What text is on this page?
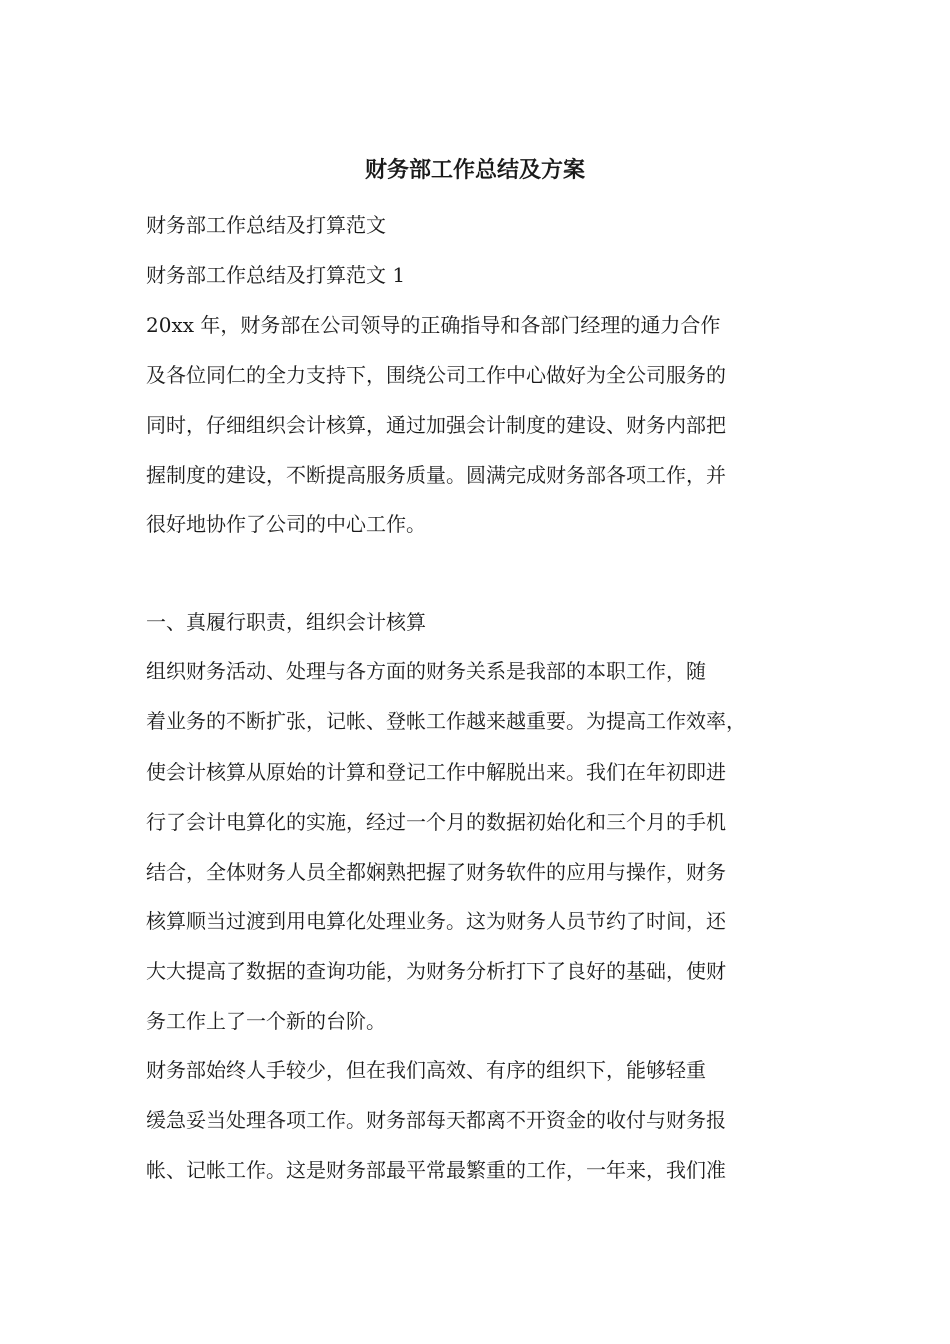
财务部工作总结及方案

财务部工作总结及打算范文

财务部工作总结及打算范文 1

20xx 年，财务部在公司领导的正确指导和各部门经理的通力合作

及各位同仁的全力支持下，围绕公司工作中心做好为全公司服务的

同时，仔细组织会计核算，通过加强会计制度的建设、财务内部把

握制度的建设，不断提高服务质量。圆满完成财务部各项工作，并

很好地协作了公司的中心工作。

一、真履行职责，组织会计核算

组织财务活动、处理与各方面的财务关系是我部的本职工作，随

着业务的不断扩张，记帐、登帐工作越来越重要。为提高工作效率，

使会计核算从原始的计算和登记工作中解脱出来。我们在年初即进

行了会计电算化的实施，经过一个月的数据初始化和三个月的手机

结合，全体财务人员全都娴熟把握了财务软件的应用与操作，财务

核算顺当过渡到用电算化处理业务。这为财务人员节约了时间，还

大大提高了数据的查询功能，为财务分析打下了良好的基础，使财

务工作上了一个新的台阶。

财务部始终人手较少，但在我们高效、有序的组织下，能够轻重

缓急妥当处理各项工作。财务部每天都离不开资金的收付与财务报

帐、记帐工作。这是财务部最平常最繁重的工作，一年来，我们准
